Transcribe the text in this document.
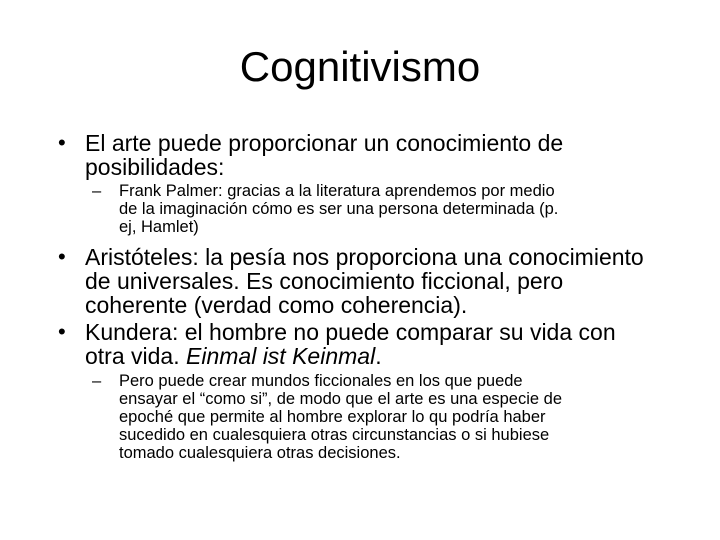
Cognitivismo
• El arte puede proporcionar un conocimiento de
posibilidades:
– Frank Palmer: gracias a la literatura aprendemos por medio
de la imaginación cómo es ser una persona determinada (p.
ej, Hamlet)
• Aristóteles: la pesía nos proporciona una conocimiento
de universales. Es conocimiento ficcional, pero
coherente (verdad como coherencia).
• Kundera: el hombre no puede comparar su vida con
otra vida. Einmal ist Keinmal.
– Pero puede crear mundos ficcionales en los que puede
ensayar el “como si”, de modo que el arte es una especie de
epoché que permite al hombre explorar lo qu podría haber
sucedido en cualesquiera otras circunstancias o si hubiese
tomado cualesquiera otras decisiones.
